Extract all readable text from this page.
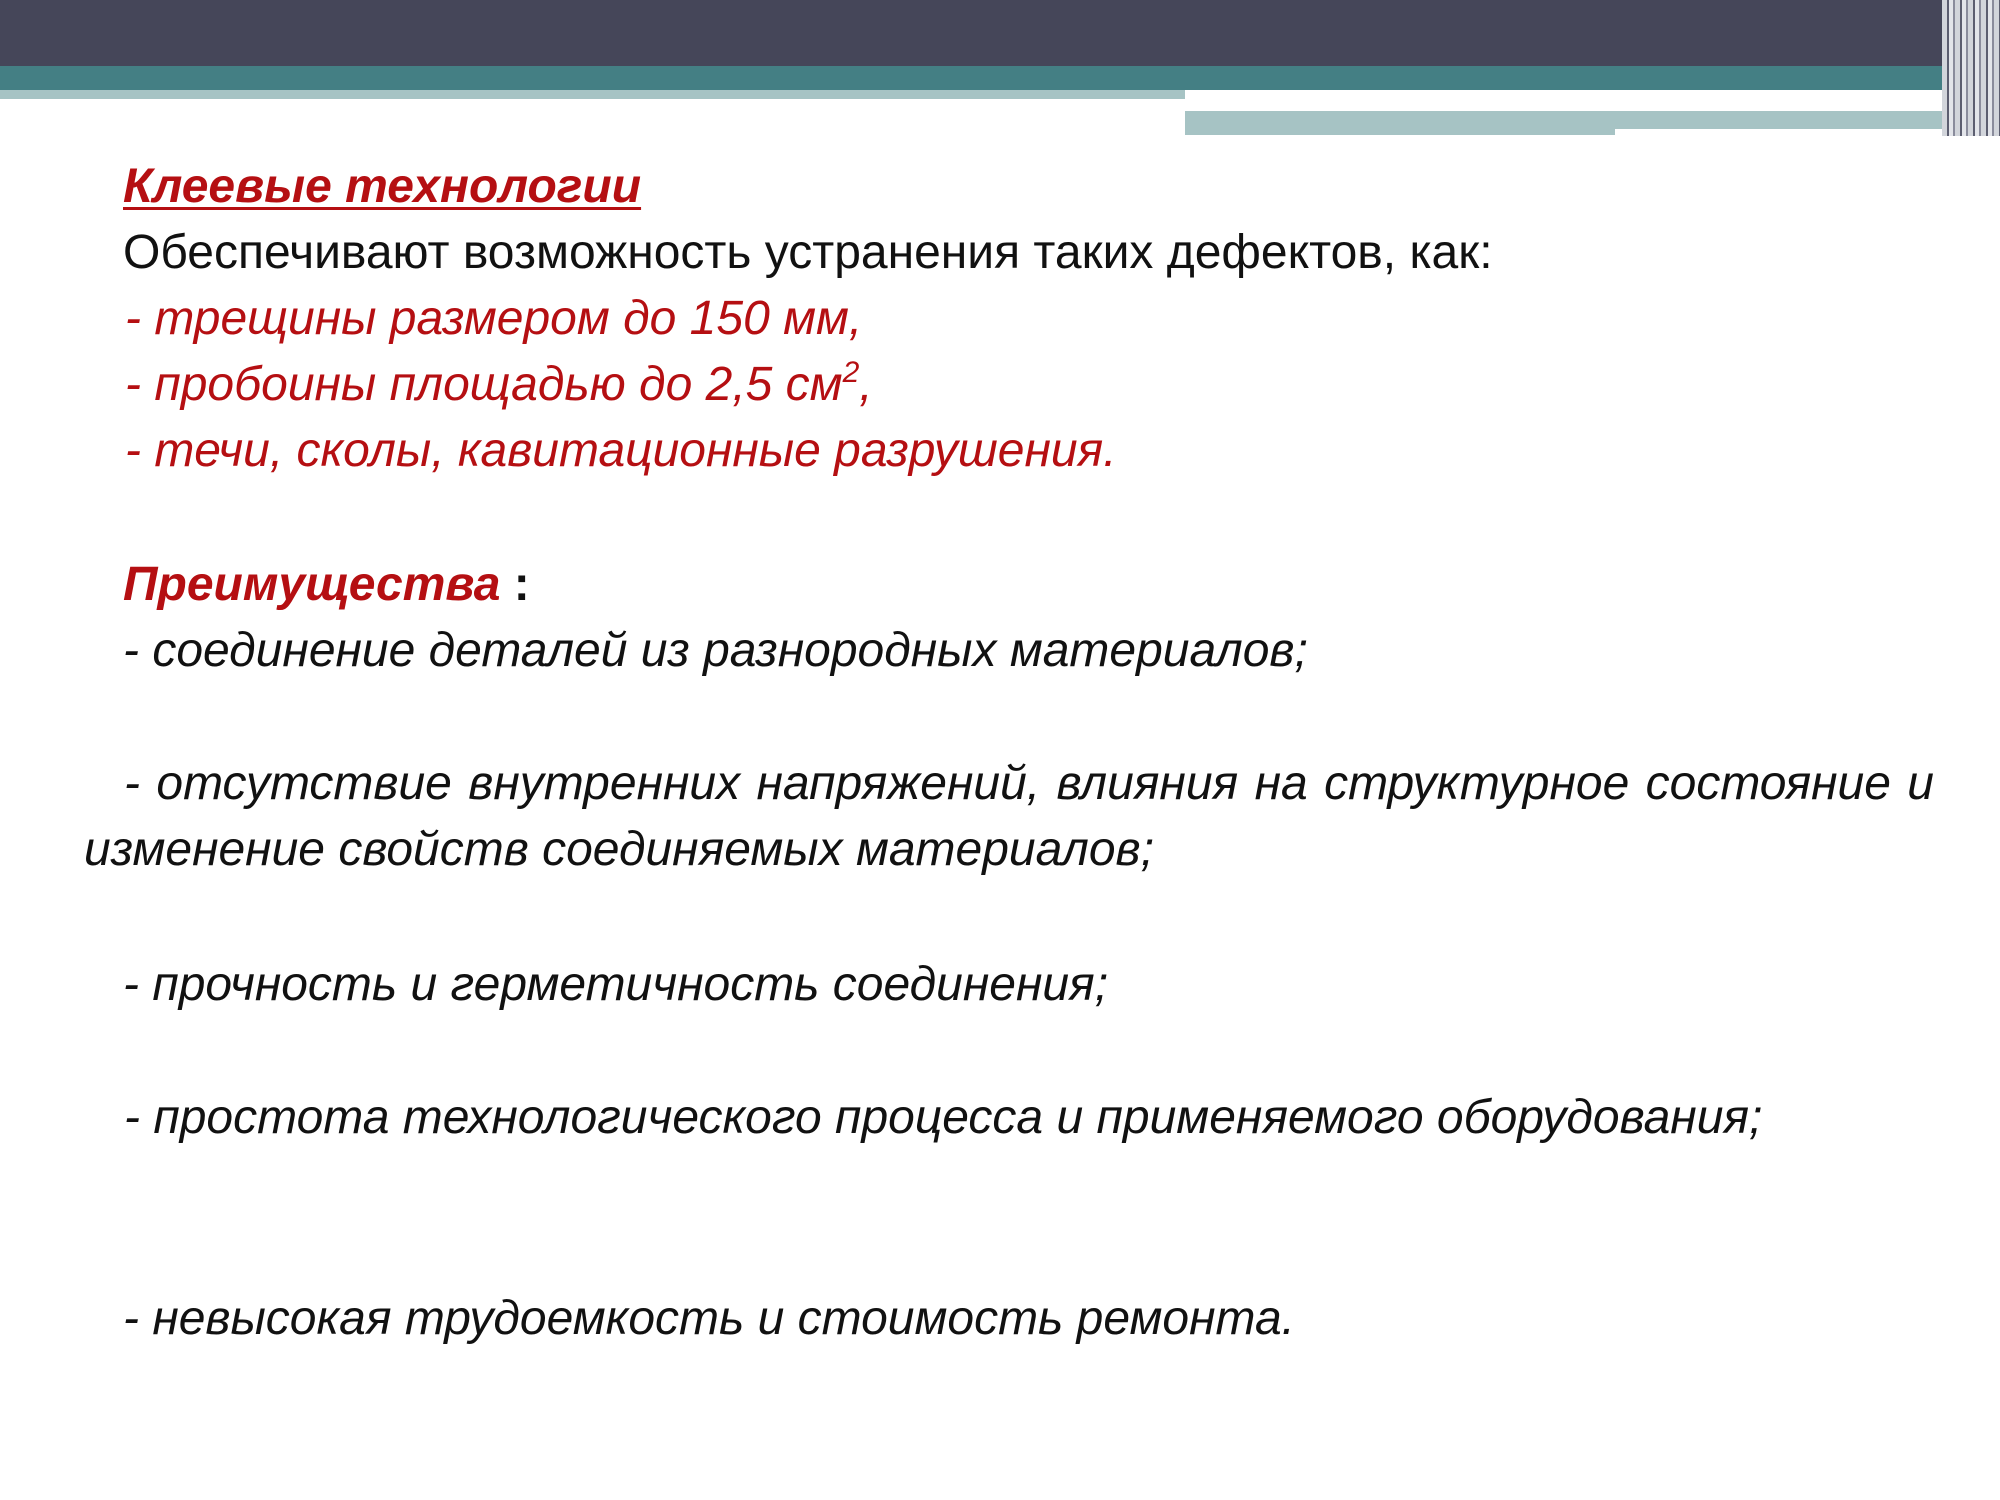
Клеевые технологии

Обеспечивают возможность устранения таких дефектов, как:

- трещины размером до 150 мм,

- пробоины площадью до 2,5 $см^2$,

- течи, сколы, кавитационные разрушения.

Преимущества :

- соединение деталей из разнородных материалов;

- отсутствие внутренних напряжений, влияния на структурное состояние и изменение свойств соединяемых материалов;

- прочность и герметичность соединения;

- простота технологического процесса и применяемого оборудования;

- невысокая трудоемкость и стоимость ремонта.
